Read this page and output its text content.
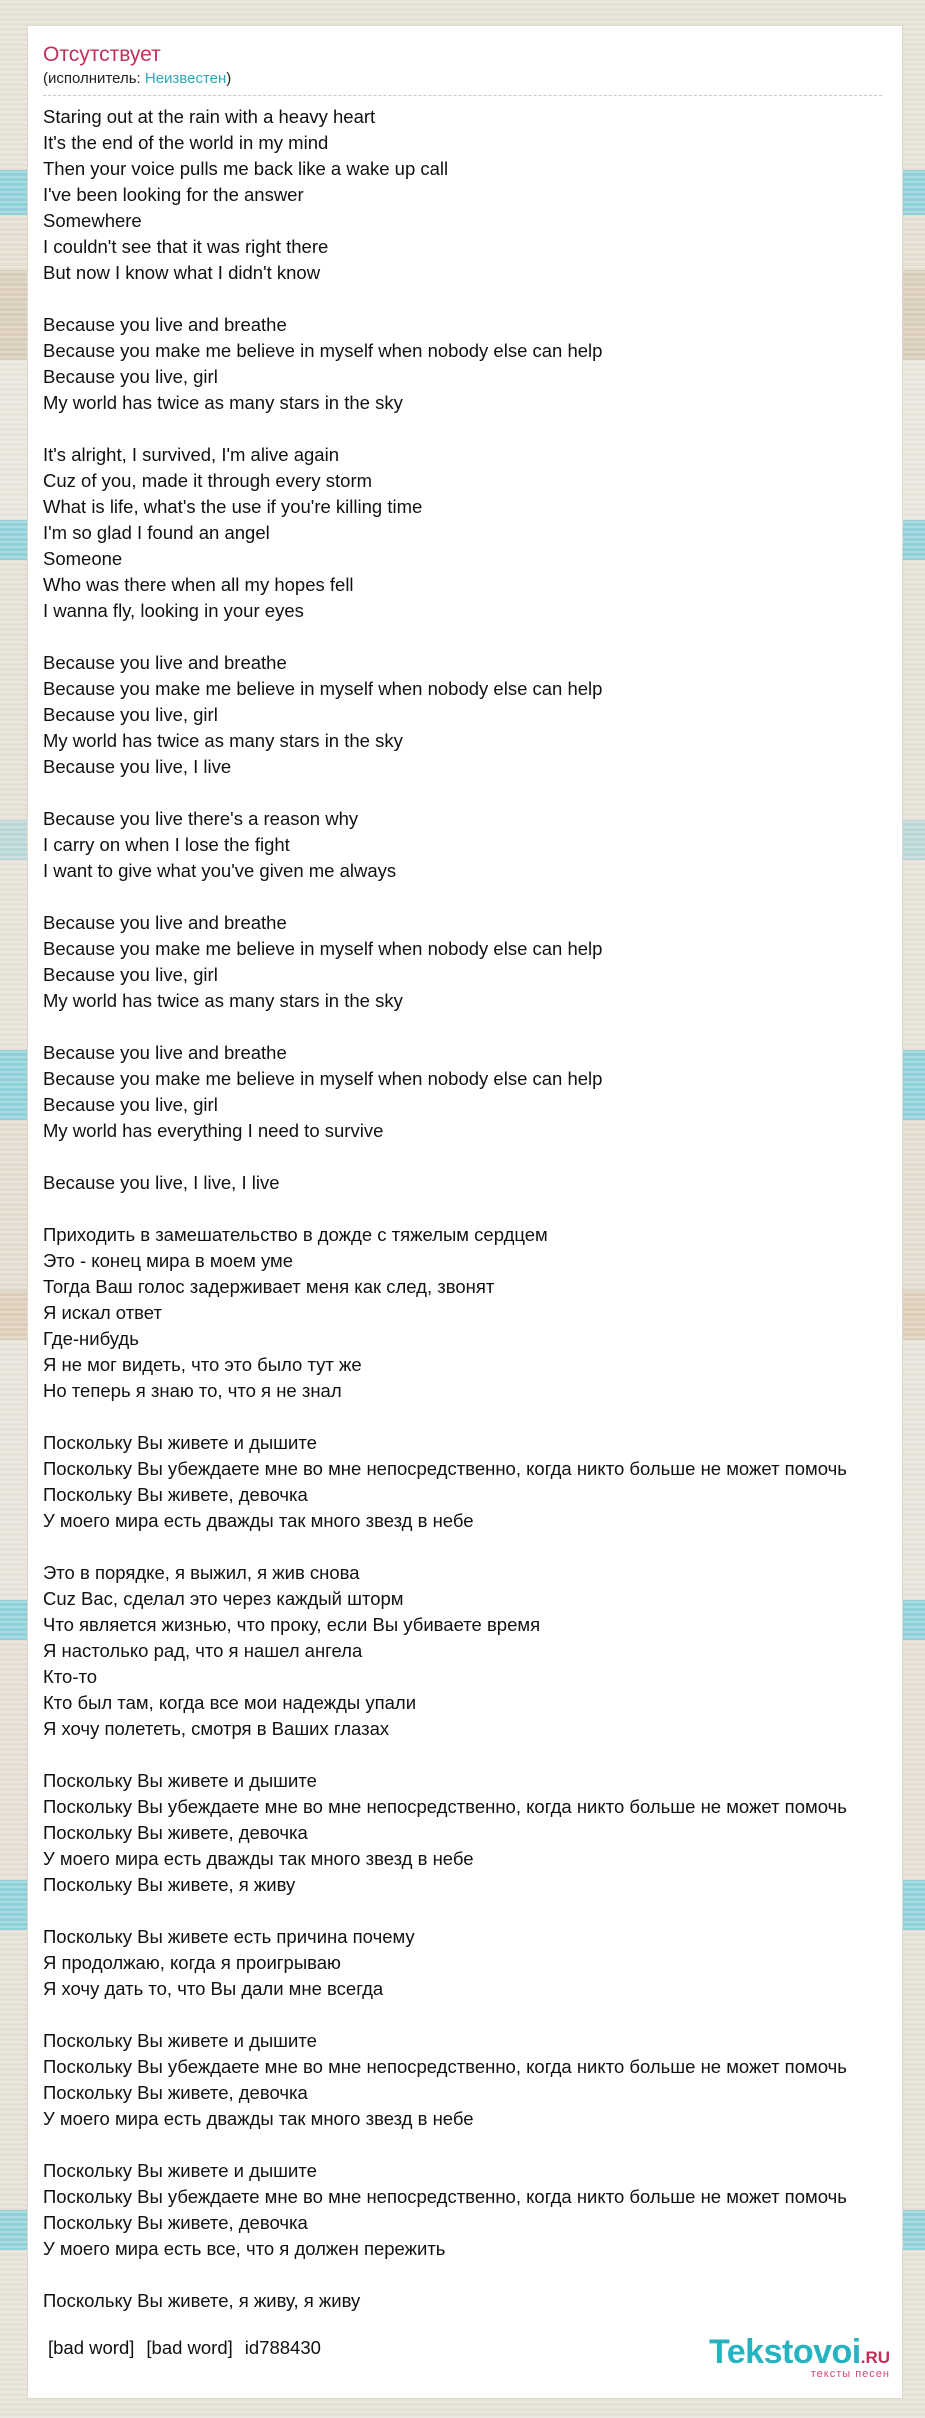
Отсутствует
(исполнитель: Неизвестен)
Staring out at the rain with a heavy heart
It's the end of the world in my mind
Then your voice pulls me back like a wake up call
I've been looking for the answer
Somewhere
I couldn't see that it was right there
But now I know what I didn't know
Because you live and breathe
Because you make me believe in myself when nobody else can help
Because you live, girl
My world has twice as many stars in the sky
It's alright, I survived, I'm alive again
Cuz of you, made it through every storm
What is life, what's the use if you're killing time
I'm so glad I found an angel
Someone
Who was there when all my hopes fell
I wanna fly, looking in your eyes
Because you live and breathe
Because you make me believe in myself when nobody else can help
Because you live, girl
My world has twice as many stars in the sky
Because you live, I live
Because you live there's a reason why
I carry on when I lose the fight
I want to give what you've given me always
Because you live and breathe
Because you make me believe in myself when nobody else can help
Because you live, girl
My world has twice as many stars in the sky
Because you live and breathe
Because you make me believe in myself when nobody else can help
Because you live, girl
My world has everything I need to survive
Because you live, I live, I live
Приходить в замешательство в дожде с тяжелым сердцем
Это - конец мира в моем уме
Тогда Ваш голос задерживает меня как след, звонят
Я искал ответ
Где-нибудь
Я не мог видеть, что это было тут же
Но теперь я знаю то, что я не знал
Поскольку Вы живете и дышите
Поскольку Вы убеждаете мне во мне непосредственно, когда никто больше не может помочь
Поскольку Вы живете, девочка
У моего мира есть дважды так много звезд в небе
Это в порядке, я выжил, я жив снова
Cuz Вас, сделал это через каждый шторм
Что является жизнью, что проку, если Вы убиваете время
Я настолько рад, что я нашел ангела
Кто-то
Кто был там, когда все мои надежды упали
Я хочу полететь, смотря в Ваших глазах
Поскольку Вы живете и дышите
Поскольку Вы убеждаете мне во мне непосредственно, когда никто больше не может помочь
Поскольку Вы живете, девочка
У моего мира есть дважды так много звезд в небе
Поскольку Вы живете, я живу
Поскольку Вы живете есть причина почему
Я продолжаю, когда я проигрываю
Я хочу дать то, что Вы дали мне всегда
Поскольку Вы живете и дышите
Поскольку Вы убеждаете мне во мне непосредственно, когда никто больше не может помочь
Поскольку Вы живете, девочка
У моего мира есть дважды так много звезд в небе
Поскольку Вы живете и дышите
Поскольку Вы убеждаете мне во мне непосредственно, когда никто больше не может помочь
Поскольку Вы живете, девочка
У моего мира есть все, что я должен пережить
Поскольку Вы живете, я живу, я живу
[bad word] [bad word] id788430	Tekstovoi.RU
тексты песен
